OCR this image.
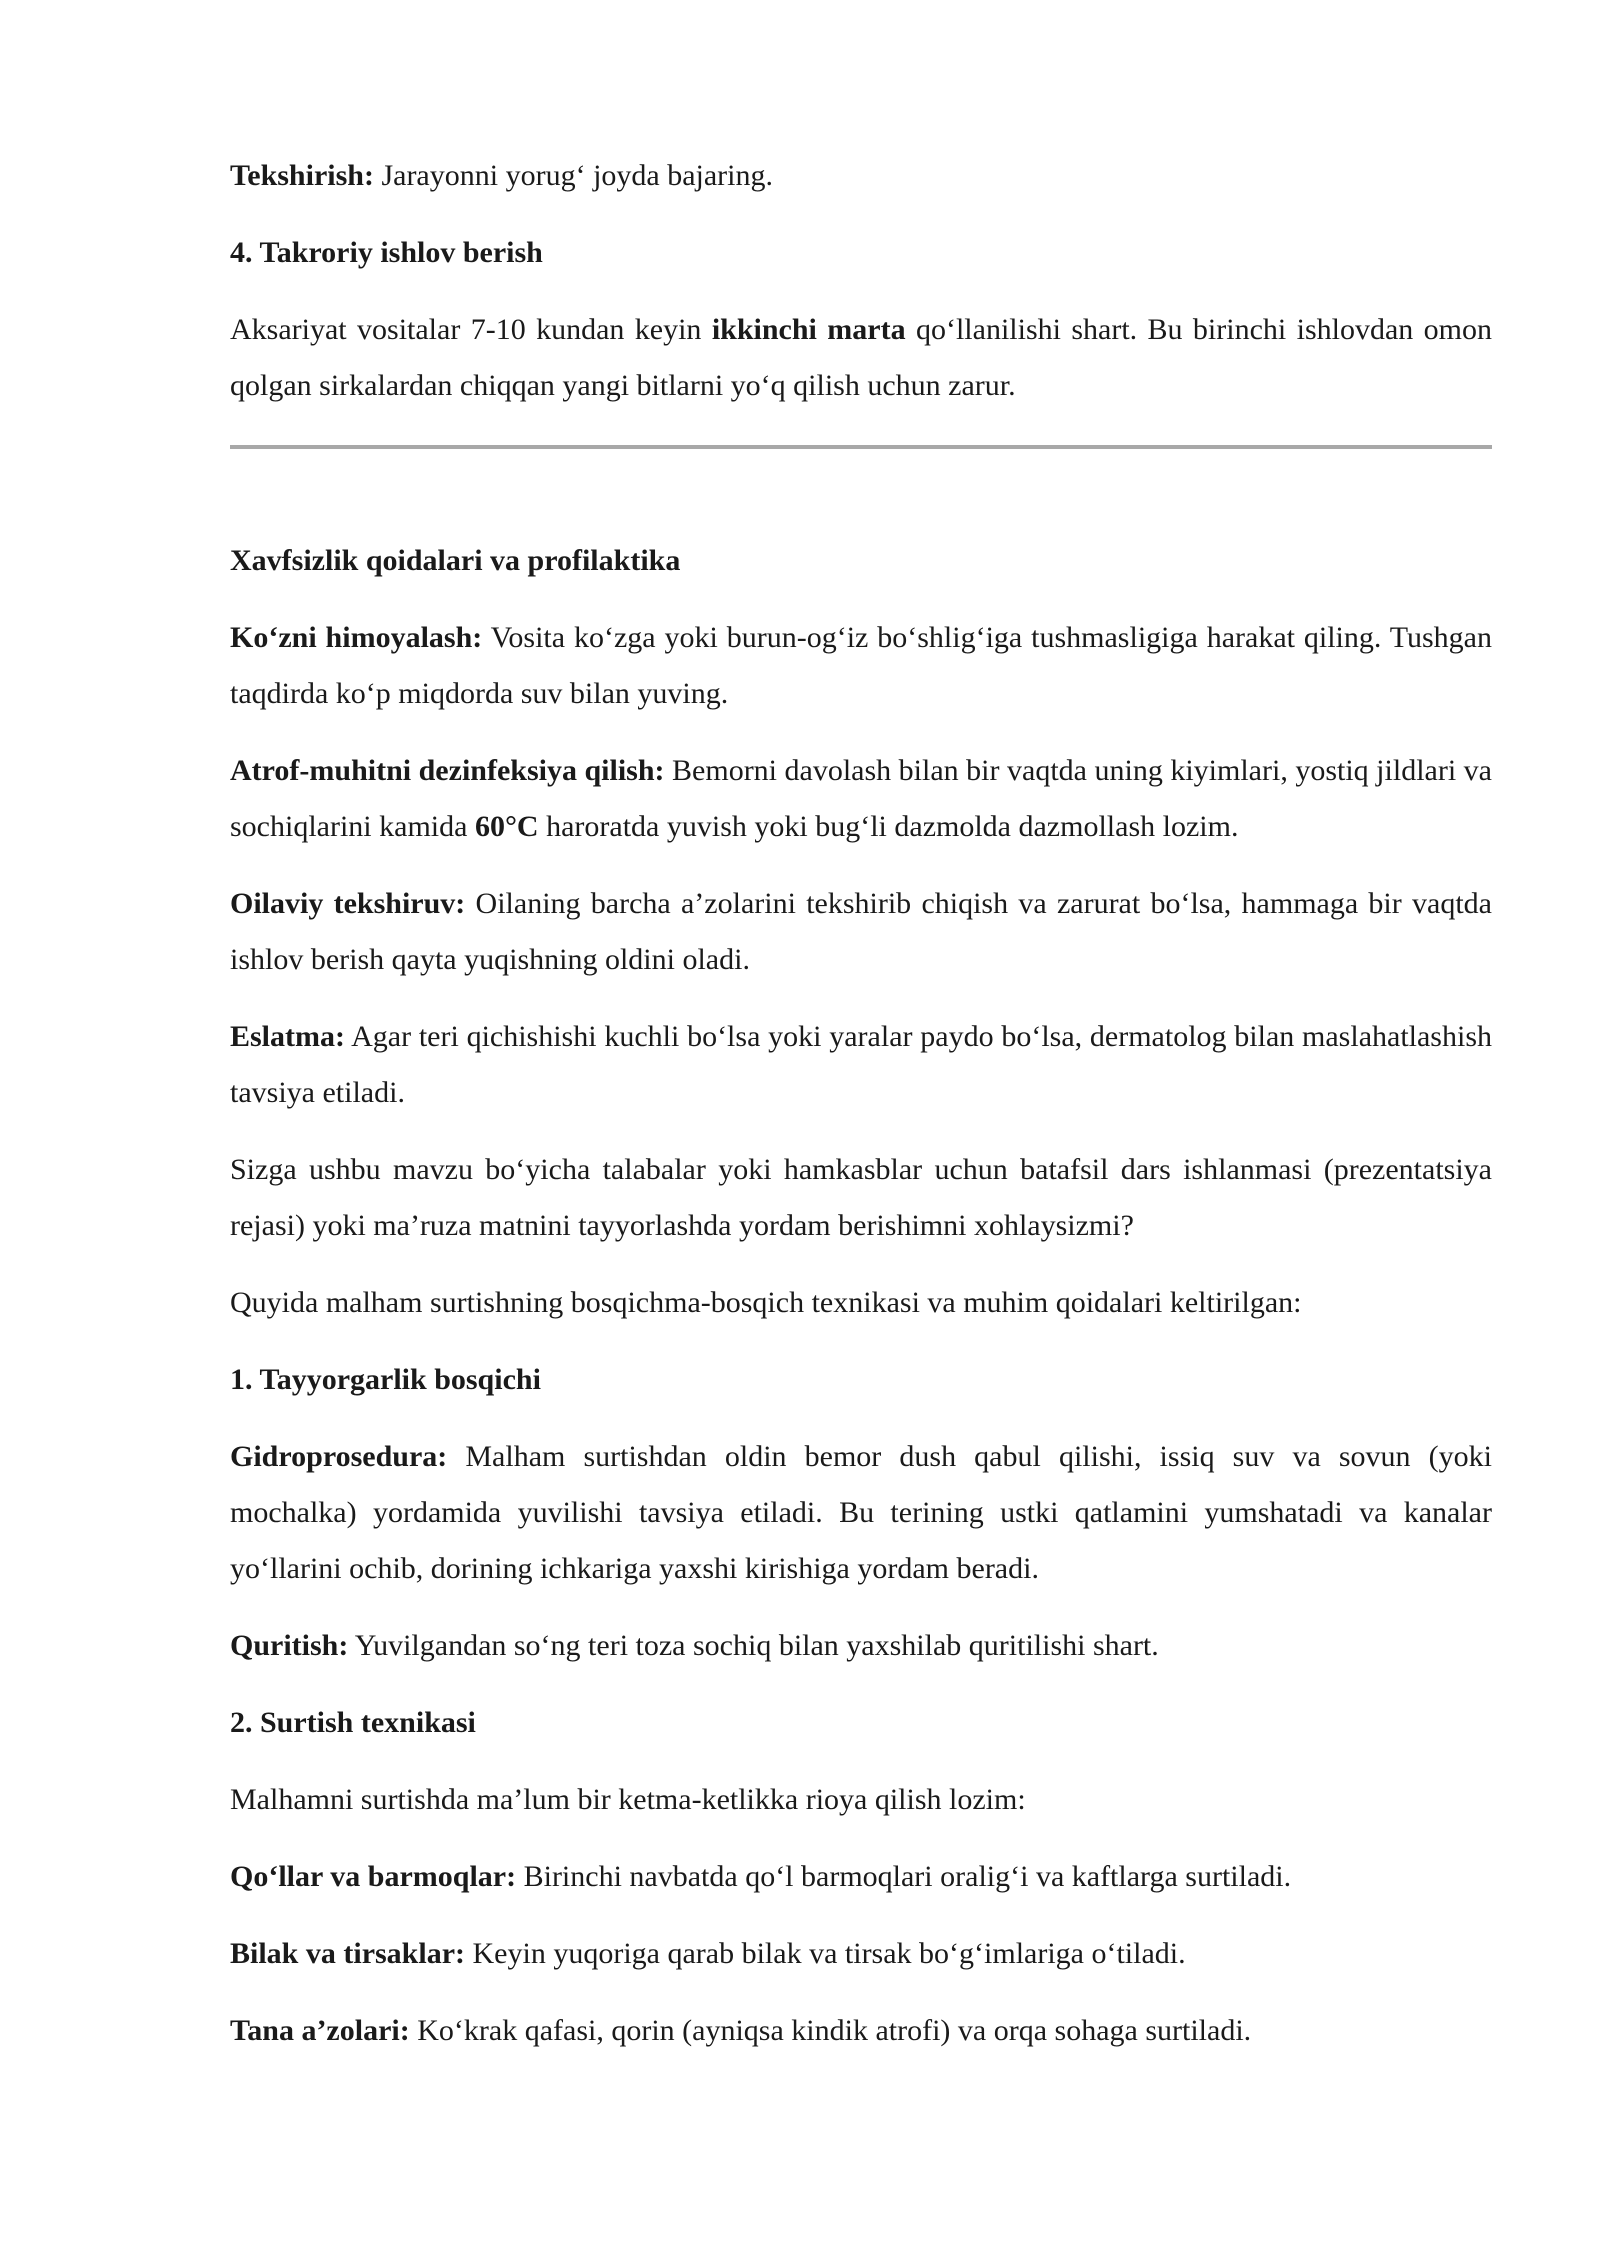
Tekshirish: Jarayonni yorug‘ joyda bajaring.

4. Takroriy ishlov berish

Aksariyat vositalar 7-10 kundan keyin ikkinchi marta qo‘llanilishi shart. Bu birinchi ishlovdan omon qolgan sirkalardan chiqqan yangi bitlarni yo‘q qilish uchun zarur.

Xavfsizlik qoidalari va profilaktika

Ko‘zni himoyalash: Vosita ko‘zga yoki burun-og‘iz bo‘shlig‘iga tushmasligiga harakat qiling. Tushgan taqdirda ko‘p miqdorda suv bilan yuving.

Atrof-muhitni dezinfeksiya qilish: Bemorni davolash bilan bir vaqtda uning kiyimlari, yostiq jildlari va sochiqlarini kamida 60°C haroratda yuvish yoki bug‘li dazmolda dazmollash lozim.

Oilaviy tekshiruv: Oilaning barcha a’zolarini tekshirib chiqish va zarurat bo‘lsa, hammaga bir vaqtda ishlov berish qayta yuqishning oldini oladi.

Eslatma: Agar teri qichishishi kuchli bo‘lsa yoki yaralar paydo bo‘lsa, dermatolog bilan maslahatlashish tavsiya etiladi.

Sizga ushbu mavzu bo‘yicha talabalar yoki hamkasblar uchun batafsil dars ishlanmasi (prezentatsiya rejasi) yoki ma’ruza matnini tayyorlashda yordam berishimni xohlaysizmi?

Quyida malham surtishning bosqichma-bosqich texnikasi va muhim qoidalari keltirilgan:

1. Tayyorgarlik bosqichi

Gidroprosedura: Malham surtishdan oldin bemor dush qabul qilishi, issiq suv va sovun (yoki mochalka) yordamida yuvilishi tavsiya etiladi. Bu terining ustki qatlamini yumshatadi va kanalar yo‘llarini ochib, dorining ichkariga yaxshi kirishiga yordam beradi.

Quritish: Yuvilgandan so‘ng teri toza sochiq bilan yaxshilab quritilishi shart.

2. Surtish texnikasi

Malhamni surtishda ma’lum bir ketma-ketlikka rioya qilish lozim:

Qo‘llar va barmoqlar: Birinchi navbatda qo‘l barmoqlari oralig‘i va kaftlarga surtiladi.

Bilak va tirsaklar: Keyin yuqoriga qarab bilak va tirsak bo‘g‘imlariga o‘tiladi.

Tana a’zolari: Ko‘krak qafasi, qorin (ayniqsa kindik atrofi) va orqa sohaga surtiladi.
